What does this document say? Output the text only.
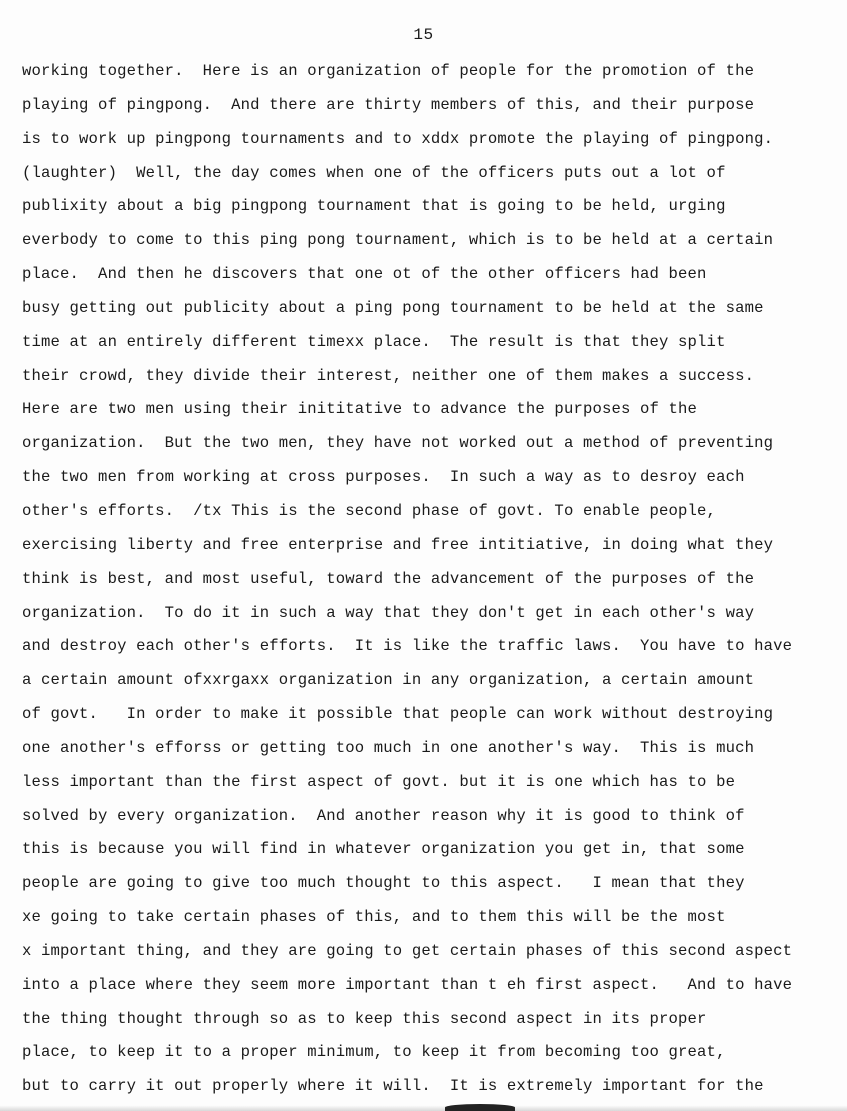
15
working together.  Here is an organization of people for the promotion of the
playing of pingpong.  And there are thirty members of this, and their purpose
is to work up pingpong tournaments and to xddx promote the playing of pingpong.
(laughter)  Well, the day comes when one of the officers puts out a lot of
publixity about a big pingpong tournament that is going to be held, urging
everbody to come to this ping pong tournament, which is to be held at a certain
place.  And then he discovers that one ot of the other officers had been
busy getting out publicity about a ping pong tournament to be held at the same
time at an entirely different timexx place.  The result is that they split
their crowd, they divide their interest, neither one of them makes a success.
Here are two men using their inititative to advance the purposes of the
organization.  But the two men, they have not worked out a method of preventing
the two men from working at cross purposes.  In such a way as to desroy each
other's efforts.  /tx This is the second phase of govt. To enable people,
exercising liberty and free enterprise and free intitiative, in doing what they
think is best, and most useful, toward the advancement of the purposes of the
organization.  To do it in such a way that they don't get in each other's way
and destroy each other's efforts.  It is like the traffic laws.  You have to have
a certain amount ofxxrgaxx organization in any organization, a certain amount
of govt.   In order to make it possible that people can work without destroying
one another's efforss or getting too much in one another's way.  This is much
less important than the first aspect of govt. but it is one which has to be
solved by every organization.  And another reason why it is good to think of
this is because you will find in whatever organization you get in, that some
people are going to give too much thought to this aspect.   I mean that they
xe going to take certain phases of this, and to them this will be the most
x important thing, and they are going to get certain phases of this second aspect
into a place where they seem more important than t eh first aspect.   And to have
the thing thought through so as to keep this second aspect in its proper
place, to keep it to a proper minimum, to keep it from becoming too great,
but to carry it out properly where it will.  It is extremely important for the
